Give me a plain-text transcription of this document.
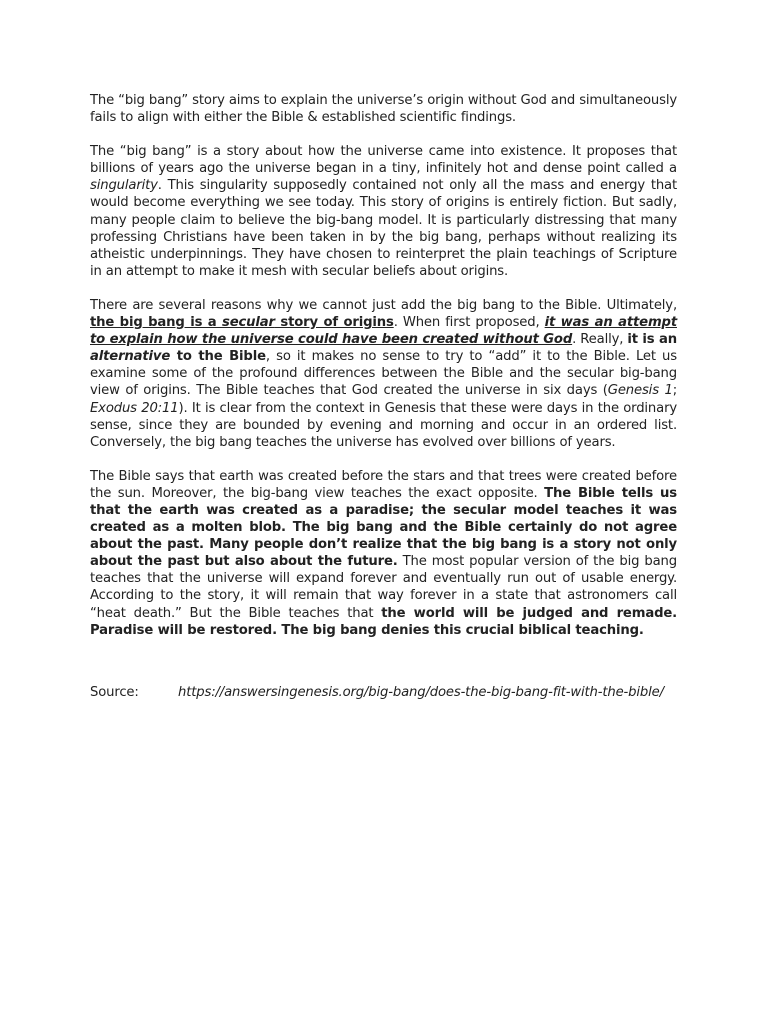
The “big bang” story aims to explain the universe’s origin without God and simultaneously fails to align with either the Bible & established scientific findings.

The “big bang” is a story about how the universe came into existence. It proposes that billions of years ago the universe began in a tiny, infinitely hot and dense point called a singularity. This singularity supposedly contained not only all the mass and energy that would become everything we see today. This story of origins is entirely fiction. But sadly, many people claim to believe the big-bang model. It is particularly distressing that many professing Christians have been taken in by the big bang, perhaps without realizing its atheistic underpinnings. They have chosen to reinterpret the plain teachings of Scripture in an attempt to make it mesh with secular beliefs about origins.

There are several reasons why we cannot just add the big bang to the Bible. Ultimately, the big bang is a secular story of origins. When first proposed, it was an attempt to explain how the universe could have been created without God. Really, it is an alternative to the Bible, so it makes no sense to try to “add” it to the Bible. Let us examine some of the profound differences between the Bible and the secular big-bang view of origins. The Bible teaches that God created the universe in six days (Genesis 1; Exodus 20:11). It is clear from the context in Genesis that these were days in the ordinary sense, since they are bounded by evening and morning and occur in an ordered list. Conversely, the big bang teaches the universe has evolved over billions of years.

The Bible says that earth was created before the stars and that trees were created before the sun. Moreover, the big-bang view teaches the exact opposite. The Bible tells us that the earth was created as a paradise; the secular model teaches it was created as a molten blob. The big bang and the Bible certainly do not agree about the past. Many people don’t realize that the big bang is a story not only about the past but also about the future. The most popular version of the big bang teaches that the universe will expand forever and eventually run out of usable energy. According to the story, it will remain that way forever in a state that astronomers call “heat death.” But the Bible teaches that the world will be judged and remade. Paradise will be restored. The big bang denies this crucial biblical teaching.

Source:	https://answersingenesis.org/big-bang/does-the-big-bang-fit-with-the-bible/
